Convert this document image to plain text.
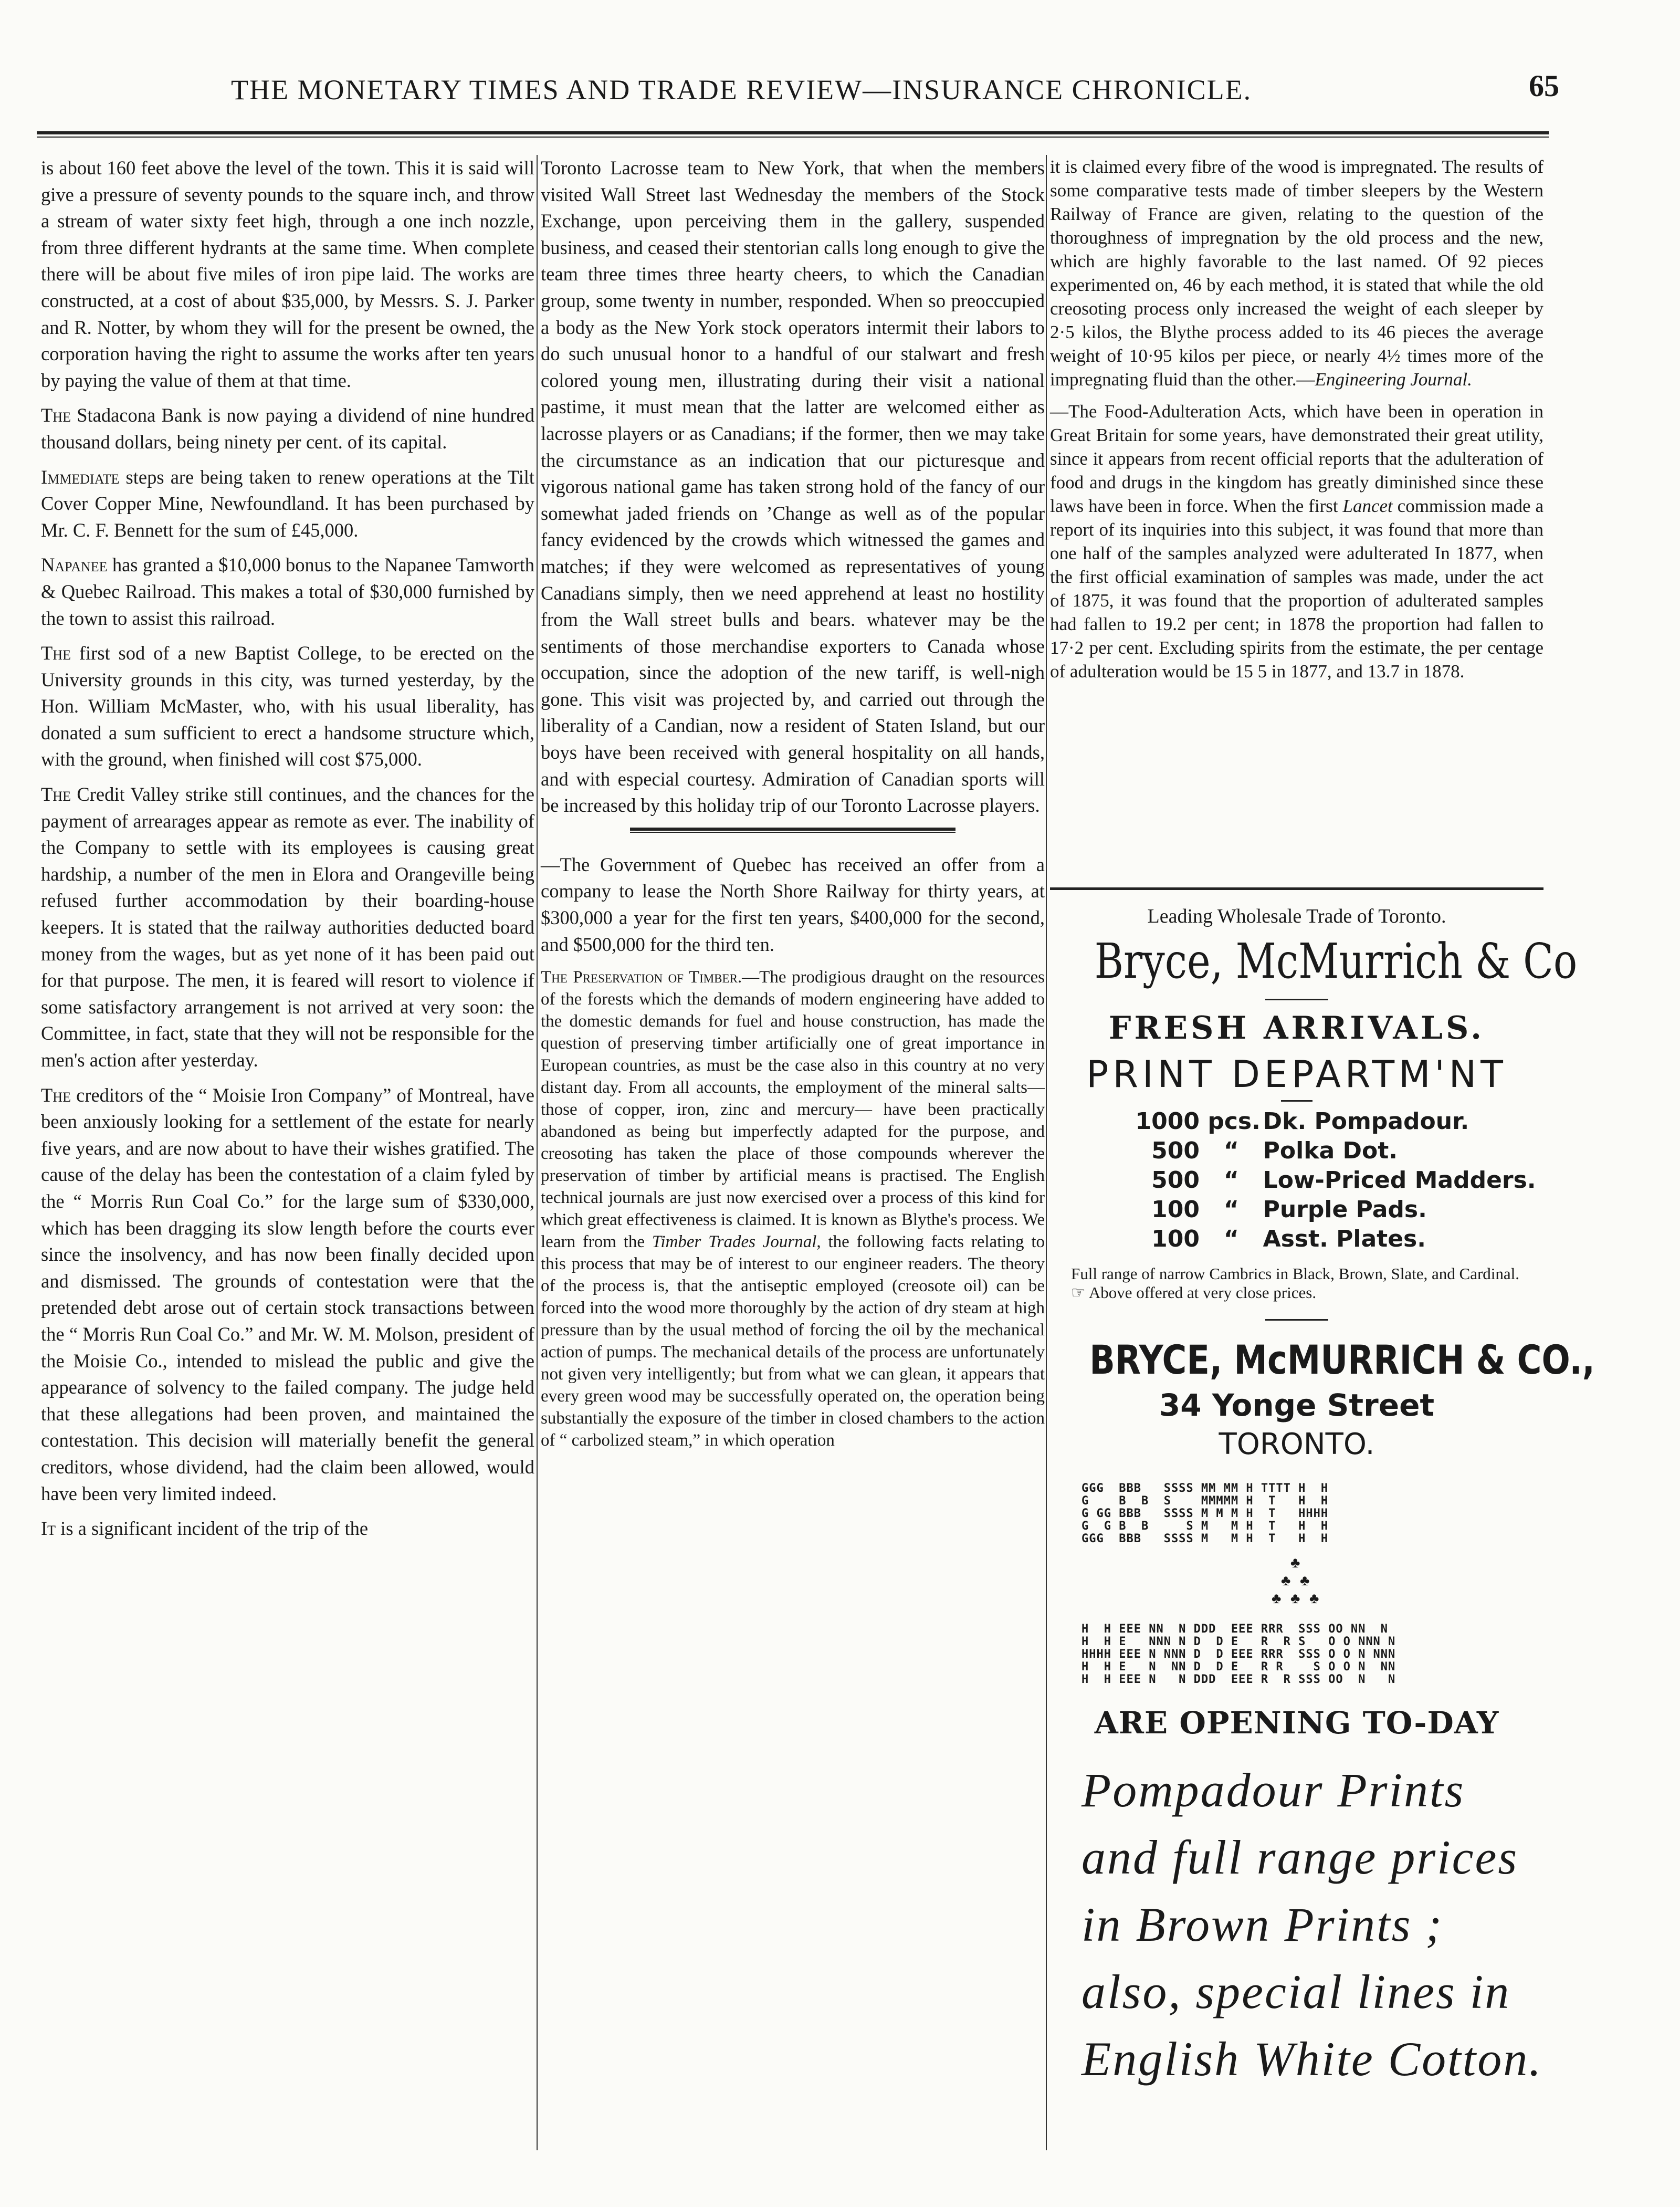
THE MONETARY TIMES AND TRADE REVIEW—INSURANCE CHRONICLE.	65

is about 160 feet above the level of the town. This it is said will give a pressure of seventy pounds to the square inch, and throw a stream of water sixty feet high, through a one inch nozzle, from three different hydrants at the same time. When complete there will be about five miles of iron pipe laid. The works are constructed, at a cost of about $35,000, by Messrs. S. J. Parker and R. Notter, by whom they will for the present be owned, the corporation having the right to assume the works after ten years by paying the value of them at that time.

The Stadacona Bank is now paying a dividend of nine hundred thousand dollars, being ninety per cent. of its capital.

Immediate steps are being taken to renew operations at the Tilt Cover Copper Mine, Newfoundland. It has been purchased by Mr. C. F. Bennett for the sum of £45,000.

Napanee has granted a $10,000 bonus to the Napanee Tamworth & Quebec Railroad. This makes a total of $30,000 furnished by the town to assist this railroad.

The first sod of a new Baptist College, to be erected on the University grounds in this city, was turned yesterday, by the Hon. William McMaster, who, with his usual liberality, has donated a sum sufficient to erect a handsome structure which, with the ground, when finished will cost $75,000.

The Credit Valley strike still continues, and the chances for the payment of arrearages appear as remote as ever. The inability of the Company to settle with its employees is causing great hardship, a number of the men in Elora and Orangeville being refused further accommodation by their boarding-house keepers. It is stated that the railway authorities deducted board money from the wages, but as yet none of it has been paid out for that purpose. The men, it is feared will resort to violence if some satisfactory arrangement is not arrived at very soon: the Committee, in fact, state that they will not be responsible for the men's action after yesterday.

The creditors of the “ Moisie Iron Company” of Montreal, have been anxiously looking for a settlement of the estate for nearly five years, and are now about to have their wishes gratified. The cause of the delay has been the contestation of a claim fyled by the “ Morris Run Coal Co.” for the large sum of $330,000, which has been dragging its slow length before the courts ever since the insolvency, and has now been finally decided upon and dismissed. The grounds of contestation were that the pretended debt arose out of certain stock transactions between the “ Morris Run Coal Co.” and Mr. W. M. Molson, president of the Moisie Co., intended to mislead the public and give the appearance of solvency to the failed company. The judge held that these allegations had been proven, and maintained the contestation. This decision will materially benefit the general creditors, whose dividend, had the claim been allowed, would have been very limited indeed.

It is a significant incident of the trip of the

Toronto Lacrosse team to New York, that when the members visited Wall Street last Wednesday the members of the Stock Exchange, upon perceiving them in the gallery, suspended business, and ceased their stentorian calls long enough to give the team three times three hearty cheers, to which the Canadian group, some twenty in number, responded. When so preoccupied a body as the New York stock operators intermit their labors to do such unusual honor to a handful of our stalwart and fresh colored young men, illustrating during their visit a national pastime, it must mean that the latter are welcomed either as lacrosse players or as Canadians; if the former, then we may take the circumstance as an indication that our picturesque and vigorous national game has taken strong hold of the fancy of our somewhat jaded friends on ’Change as well as of the popular fancy evidenced by the crowds which witnessed the games and matches; if they were welcomed as representatives of young Canadians simply, then we need apprehend at least no hostility from the Wall street bulls and bears. whatever may be the sentiments of those merchandise exporters to Canada whose occupation, since the adoption of the new tariff, is well-nigh gone. This visit was projected by, and carried out through the liberality of a Candian, now a resident of Staten Island, but our boys have been received with general hospitality on all hands, and with especial courtesy. Admiration of Canadian sports will be increased by this holiday trip of our Toronto Lacrosse players.

—The Government of Quebec has received an offer from a company to lease the North Shore Railway for thirty years, at $300,000 a year for the first ten years, $400,000 for the second, and $500,000 for the third ten.

The Preservation of Timber.—The prodigious draught on the resources of the forests which the demands of modern engineering have added to the domestic demands for fuel and house construction, has made the question of preserving timber artificially one of great importance in European countries, as must be the case also in this country at no very distant day. From all accounts, the employment of the mineral salts— those of copper, iron, zinc and mercury— have been practically abandoned as being but imperfectly adapted for the purpose, and creosoting has taken the place of those compounds wherever the preservation of timber by artificial means is practised. The English technical journals are just now exercised over a process of this kind for which great effectiveness is claimed. It is known as Blythe's process. We learn from the Timber Trades Journal, the following facts relating to this process that may be of interest to our engineer readers. The theory of the process is, that the antiseptic employed (creosote oil) can be forced into the wood more thoroughly by the action of dry steam at high pressure than by the usual method of forcing the oil by the mechanical action of pumps. The mechanical details of the process are unfortunately not given very intelligently; but from what we can glean, it appears that every green wood may be successfully operated on, the operation being substantially the exposure of the timber in closed chambers to the action of “ carbolized steam,” in which operation

it is claimed every fibre of the wood is impregnated. The results of some comparative tests made of timber sleepers by the Western Railway of France are given, relating to the question of the thoroughness of impregnation by the old process and the new, which are highly favorable to the last named. Of 92 pieces experimented on, 46 by each method, it is stated that while the old creosoting process only increased the weight of each sleeper by 2·5 kilos, the Blythe process added to its 46 pieces the average weight of 10·95 kilos per piece, or nearly 4½ times more of the impregnating fluid than the other.—Engineering Journal.

—The Food-Adulteration Acts, which have been in operation in Great Britain for some years, have demonstrated their great utility, since it appears from recent official reports that the adulteration of food and drugs in the kingdom has greatly diminished since these laws have been in force. When the first Lancet commission made a report of its inquiries into this subject, it was found that more than one half of the samples analyzed were adulterated In 1877, when the first official examination of samples was made, under the act of 1875, it was found that the proportion of adulterated samples had fallen to 19.2 per cent; in 1878 the proportion had fallen to 17·2 per cent. Excluding spirits from the estimate, the per centage of adulteration would be 15 5 in 1877, and 13.7 in 1878.

Leading Wholesale Trade of Toronto.
Bryce, McMurrich & Co
FRESH ARRIVALS.
PRINT DEPARTM'NT
1000 pcs. Dk. Pompadour.
500 “ Polka Dot.
500 “ Low-Priced Madders.
100 “ Purple Pads.
100 “ Asst. Plates.
Full range of narrow Cambrics in Black, Brown, Slate, and Cardinal.
☞ Above offered at very close prices.
BRYCE, McMURRICH & CO.,
34 Yonge Street
TORONTO.
GGG  BBB   SSSS MM MM H TTTT H  H
G    B  B  S    MMMMM H  T   H  H
G GG BBB   SSSS M M M H  T   HHHH
G  G B  B     S M   M H  T   H  H
GGG  BBB   SSSS M   M H  T   H  H
♣
♣ ♣
♣ ♣ ♣
H  H EEE NN  N DDD  EEE RRR  SSS OO NN  N
H  H E   NNN N D  D E   R  R S   O O NNN N
HHHH EEE N NNN D  D EEE RRR  SSS O O N NNN
H  H E   N  NN D  D E   R R    S O O N  NN
H  H EEE N   N DDD  EEE R  R SSS OO  N   N
ARE OPENING TO-DAY
Pompadour Prints and full range prices in Brown Prints ; also, special lines in English White Cotton.
